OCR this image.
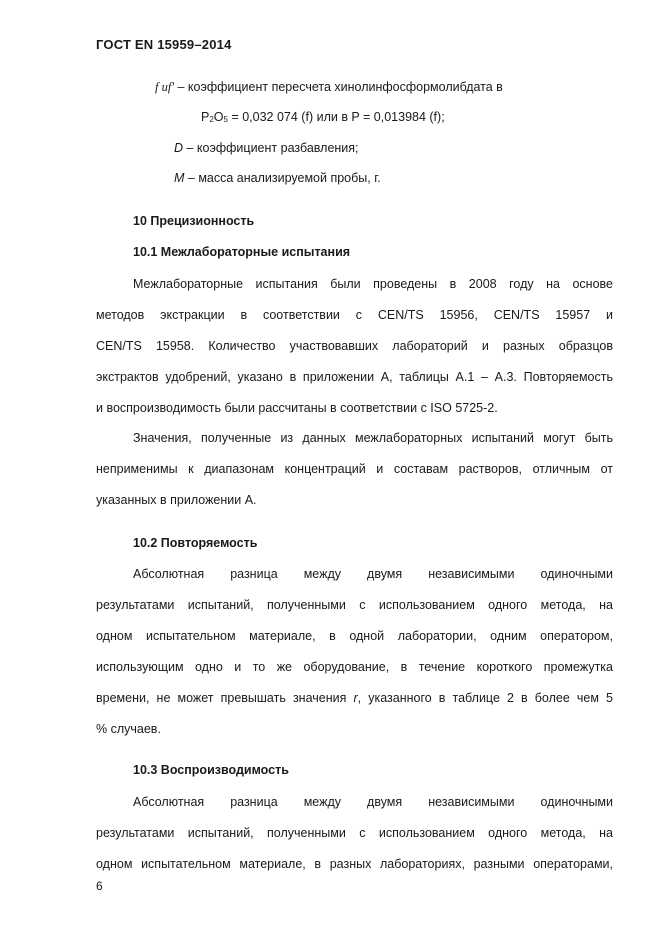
ГОСТ EN 15959–2014
f uf' – коэффициент пересчета хинолинфосформолибдата в
$P_2O_5 = 0,032$ 074 (f) или в P = 0,013984 (f);
D – коэффициент разбавления;
M – масса анализируемой пробы, г.
10 Прецизионность
10.1 Межлабораторные испытания
Межлабораторные испытания были проведены в 2008 году на основе
методов экстракции в соответствии с CEN/TS 15956, CEN/TS 15957 и
CEN/TS 15958. Количество участвовавших лабораторий и разных образцов
экстрактов удобрений, указано в приложении А, таблицы А.1 – А.3. Повторяемость
и воспроизводимость были рассчитаны в соответствии с ISO 5725-2.
Значения, полученные из данных межлабораторных испытаний могут быть
неприменимы к диапазонам концентраций и составам растворов, отличным от
указанных в приложении А.
10.2 Повторяемость
Абсолютная разница между двумя независимыми одиночными
результатами испытаний, полученными с использованием одного метода, на
одном испытательном материале, в одной лаборатории, одним оператором,
использующим одно и то же оборудование, в течение короткого промежутка
времени, не может превышать значения r, указанного в таблице 2 в более чем 5
% случаев.
10.3 Воспроизводимость
Абсолютная разница между двумя независимыми одиночными
результатами испытаний, полученными с использованием одного метода, на
одном испытательном материале, в разных лабораториях, разными операторами,
6
